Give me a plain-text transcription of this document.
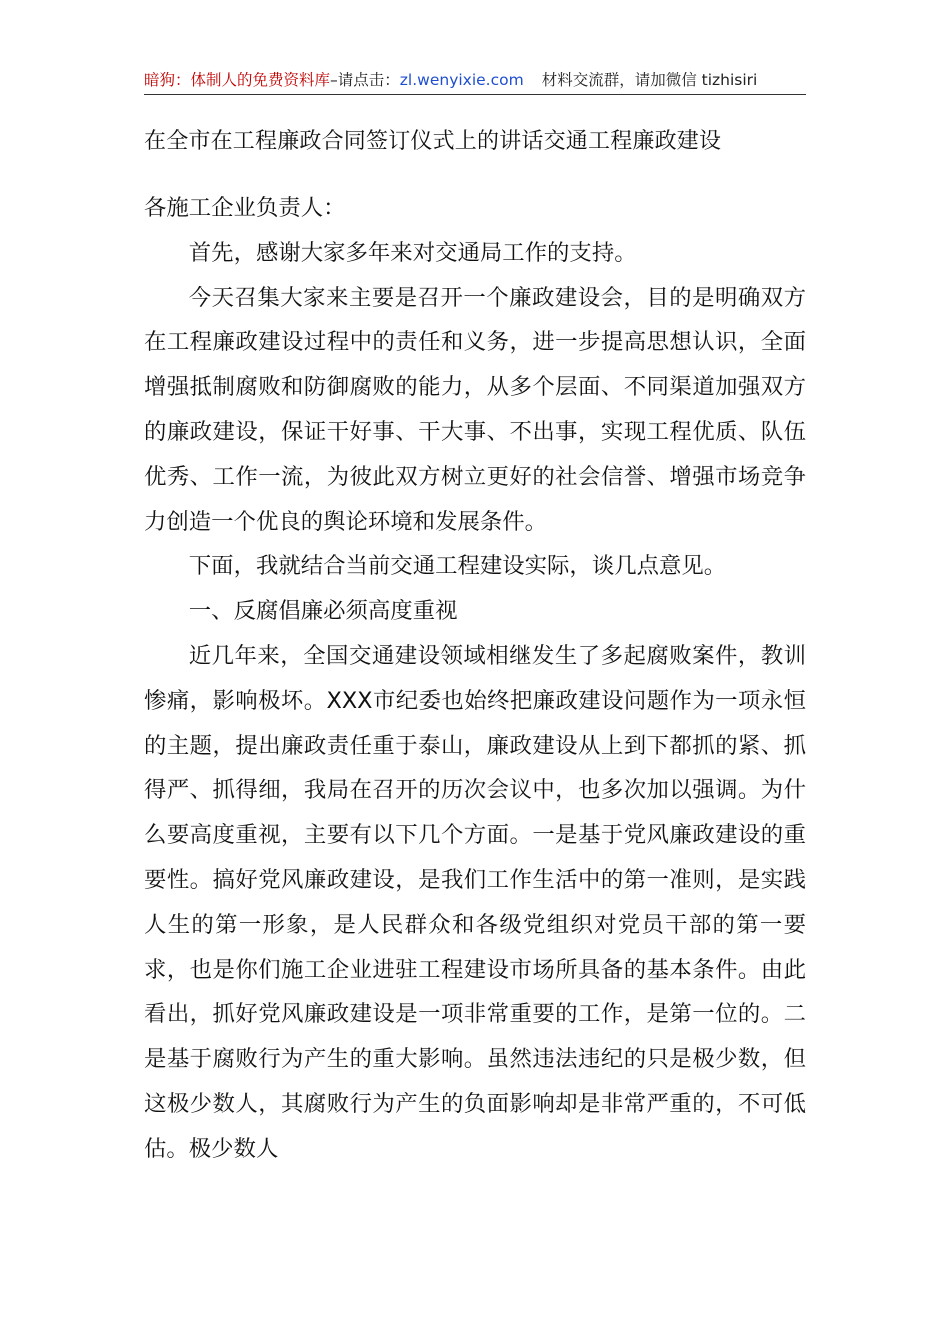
暗狗：体制人的免费资料库–请点击：zl.wenyixie.com 材料交流群，请加微信 tizhisiri
在全市在工程廉政合同签订仪式上的讲话交通工程廉政建设

各施工企业负责人：

首先，感谢大家多年来对交通局工作的支持。

今天召集大家来主要是召开一个廉政建设会，目的是明确双方在工程廉政建设过程中的责任和义务，进一步提高思想认识，全面增强抵制腐败和防御腐败的能力，从多个层面、不同渠道加强双方的廉政建设，保证干好事、干大事、不出事，实现工程优质、队伍优秀、工作一流，为彼此双方树立更好的社会信誉、增强市场竞争力创造一个优良的舆论环境和发展条件。

下面，我就结合当前交通工程建设实际，谈几点意见。

一、反腐倡廉必须高度重视

近几年来，全国交通建设领域相继发生了多起腐败案件，教训惨痛，影响极坏。XXX市纪委也始终把廉政建设问题作为一项永恒的主题，提出廉政责任重于泰山，廉政建设从上到下都抓的紧、抓得严、抓得细，我局在召开的历次会议中，也多次加以强调。为什么要高度重视，主要有以下几个方面。一是基于党风廉政建设的重要性。搞好党风廉政建设，是我们工作生活中的第一准则，是实践人生的第一形象，是人民群众和各级党组织对党员干部的第一要求，也是你们施工企业进驻工程建设市场所具备的基本条件。由此看出，抓好党风廉政建设是一项非常重要的工作，是第一位的。二是基于腐败行为产生的重大影响。虽然违法违纪的只是极少数，但这极少数人，其腐败行为产生的负面影响却是非常严重的，不可低估。极少数人
